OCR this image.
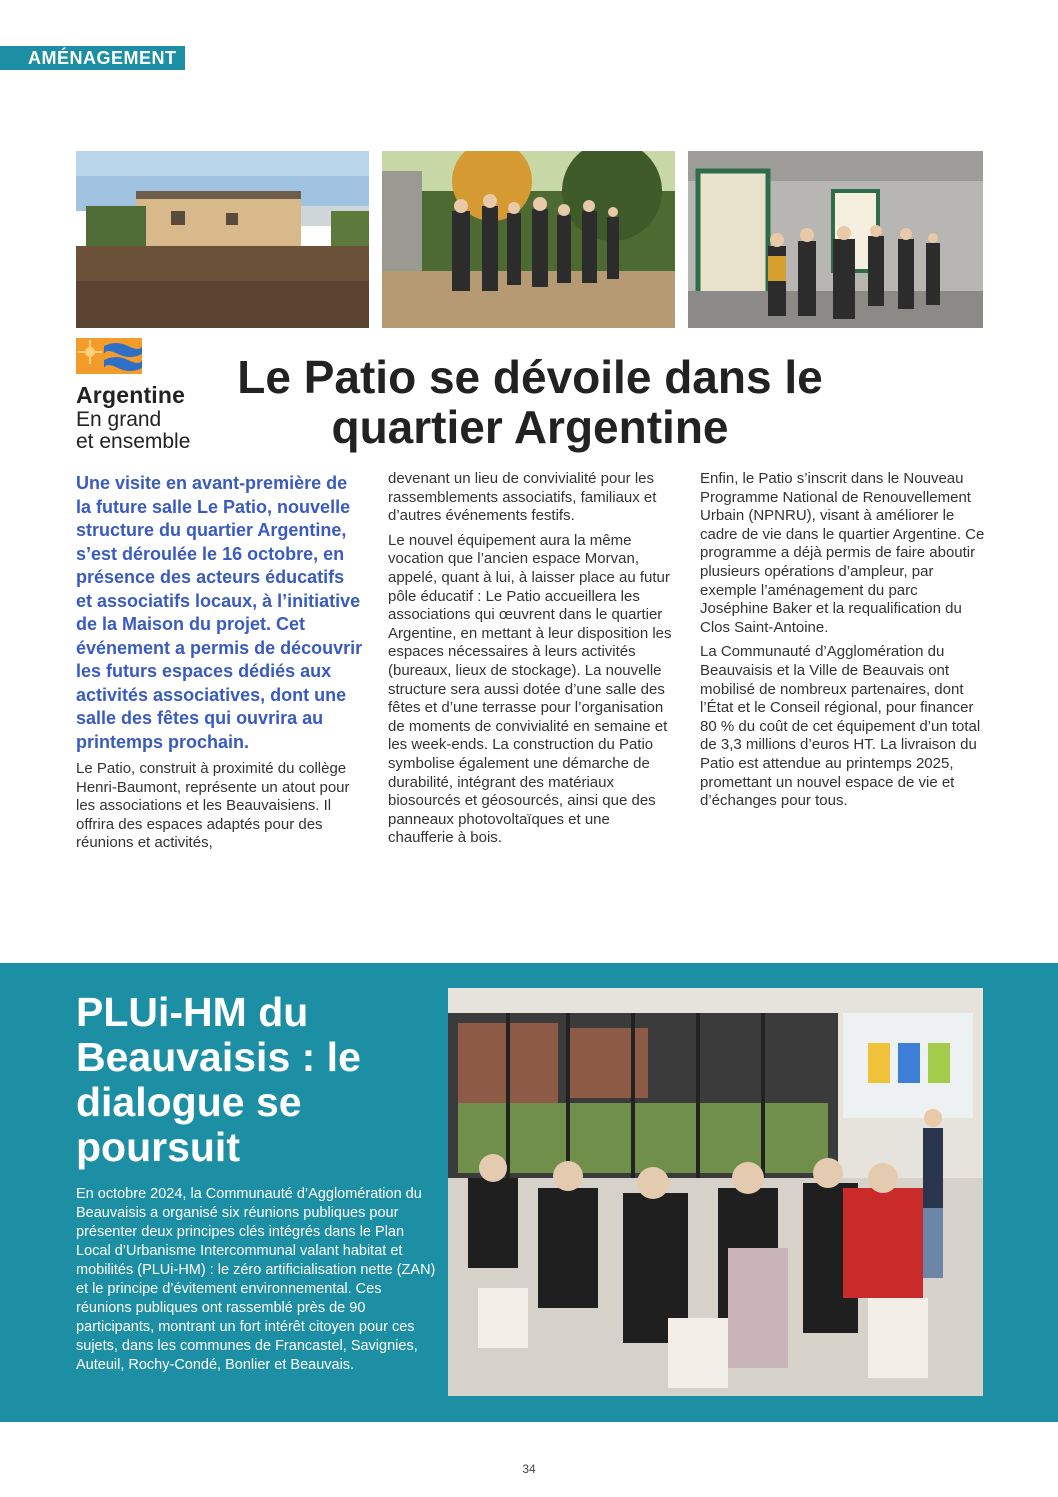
AMÉNAGEMENT
Argentine
En grand
et ensemble
Le Patio se dévoile dans le quartier Argentine

Une visite en avant-première de la future salle Le Patio, nouvelle structure du quartier Argentine, s’est déroulée le 16 octobre, en présence des acteurs éducatifs et associatifs locaux, à l’initiative de la Maison du projet. Cet événement a permis de découvrir les futurs espaces dédiés aux activités associatives, dont une salle des fêtes qui ouvrira au printemps prochain.

Le Patio, construit à proximité du collège Henri-Baumont, représente un atout pour les associations et les Beauvaisiens. Il offrira des espaces adaptés pour des réunions et activités,

devenant un lieu de convivialité pour les rassemblements associatifs, familiaux et d’autres événements festifs.

Le nouvel équipement aura la même vocation que l’ancien espace Morvan, appelé, quant à lui, à laisser place au futur pôle éducatif : Le Patio accueillera les associations qui œuvrent dans le quartier Argentine, en mettant à leur disposition les espaces nécessaires à leurs activités (bureaux, lieux de stockage). La nouvelle structure sera aussi dotée d’une salle des fêtes et d’une terrasse pour l’organisation de moments de convivialité en semaine et les week-ends. La construction du Patio symbolise également une démarche de durabilité, intégrant des matériaux biosourcés et géosourcés, ainsi que des panneaux photovoltaïques et une chaufferie à bois.

Enfin, le Patio s’inscrit dans le Nouveau Programme National de Renouvellement Urbain (NPNRU), visant à améliorer le cadre de vie dans le quartier Argentine. Ce programme a déjà permis de faire aboutir plusieurs opérations d’ampleur, par exemple l’aménagement du parc Joséphine Baker et la requalification du Clos Saint-Antoine.

La Communauté d’Agglomération du Beauvaisis et la Ville de Beauvais ont mobilisé de nombreux partenaires, dont l’État et le Conseil régional, pour financer 80 % du coût de cet équipement d’un total de 3,3 millions d’euros HT. La livraison du Patio est attendue au printemps 2025, promettant un nouvel espace de vie et d’échanges pour tous.

PLUi-HM du Beauvaisis : le dialogue se poursuit

En octobre 2024, la Communauté d’Agglomération du Beauvaisis a organisé six réunions publiques pour présenter deux principes clés intégrés dans le Plan Local d’Urbanisme Intercommunal valant habitat et mobilités (PLUi-HM) : le zéro artificialisation nette (ZAN) et le principe d’évitement environnemental. Ces réunions publiques ont rassemblé près de 90 participants, montrant un fort intérêt citoyen pour ces sujets, dans les communes de Francastel, Savignies, Auteuil, Rochy-Condé, Bonlier et Beauvais.

34
